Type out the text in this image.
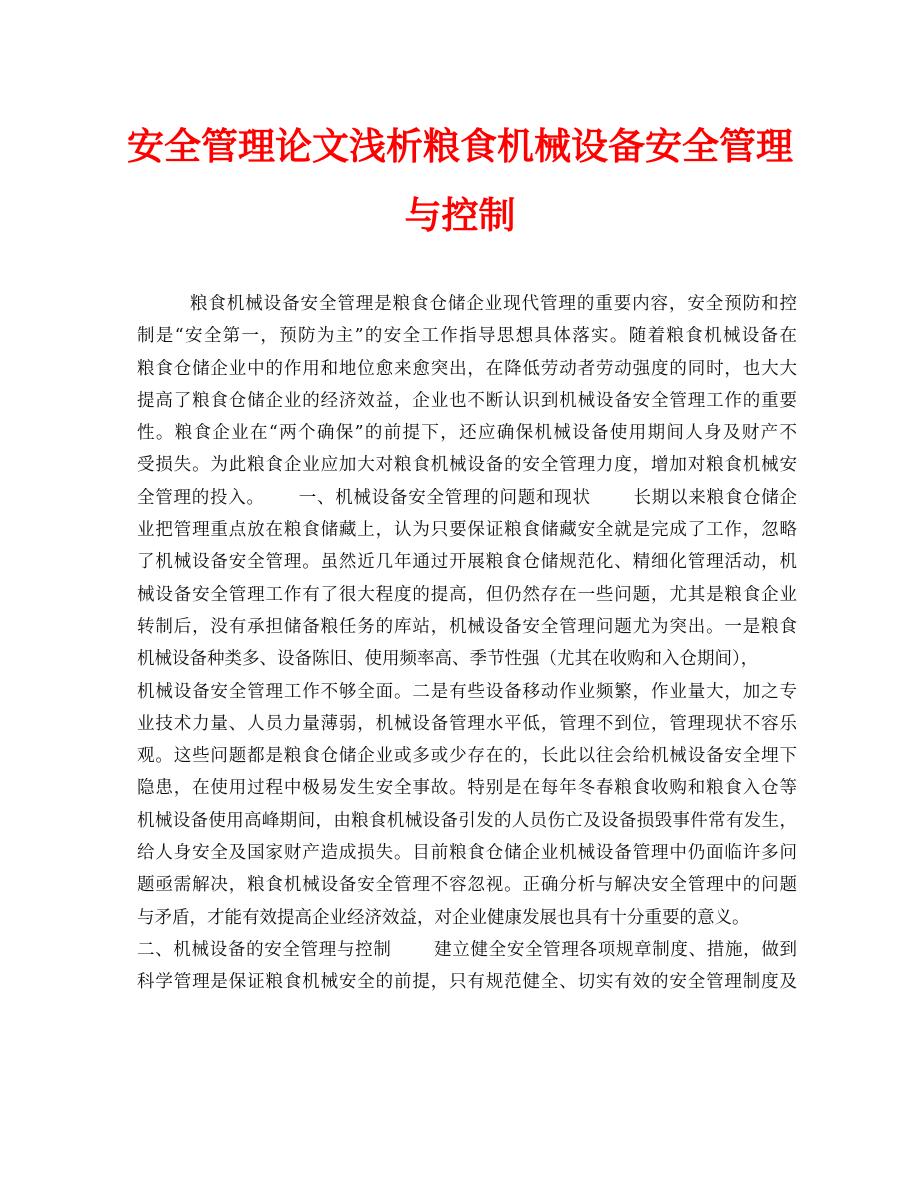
安全管理论文浅析粮食机械设备安全管理
与控制
粮食机械设备安全管理是粮食仓储企业现代管理的重要内容，安全预防和控
制是“安全第一，预防为主”的安全工作指导思想具体落实。随着粮食机械设备在
粮食仓储企业中的作用和地位愈来愈突出，在降低劳动者劳动强度的同时，也大大
提高了粮食仓储企业的经济效益，企业也不断认识到机械设备安全管理工作的重要
性。粮食企业在“两个确保”的前提下，还应确保机械设备使用期间人身及财产不
受损失。为此粮食企业应加大对粮食机械设备的安全管理力度，增加对粮食机械安
全管理的投入。　　 一、机械设备安全管理的问题和现状　　 长期以来粮食仓储企
业把管理重点放在粮食储藏上，认为只要保证粮食储藏安全就是完成了工作，忽略
了机械设备安全管理。虽然近几年通过开展粮食仓储规范化、精细化管理活动，机
械设备安全管理工作有了很大程度的提高，但仍然存在一些问题，尤其是粮食企业
转制后，没有承担储备粮任务的库站，机械设备安全管理问题尤为突出。一是粮食
机械设备种类多、设备陈旧、使用频率高、季节性强（尤其在收购和入仓期间），
机械设备安全管理工作不够全面。二是有些设备移动作业频繁，作业量大，加之专
业技术力量、人员力量薄弱，机械设备管理水平低，管理不到位，管理现状不容乐
观。这些问题都是粮食仓储企业或多或少存在的，长此以往会给机械设备安全埋下
隐患，在使用过程中极易发生安全事故。特别是在每年冬春粮食收购和粮食入仓等
机械设备使用高峰期间，由粮食机械设备引发的人员伤亡及设备损毁事件常有发生，
给人身安全及国家财产造成损失。目前粮食仓储企业机械设备管理中仍面临许多问
题亟需解决，粮食机械设备安全管理不容忽视。正确分析与解决安全管理中的问题
与矛盾，才能有效提高企业经济效益，对企业健康发展也具有十分重要的意义。
二、机械设备的安全管理与控制　　 建立健全安全管理各项规章制度、措施，做到
科学管理是保证粮食机械安全的前提，只有规范健全、切实有效的安全管理制度及
